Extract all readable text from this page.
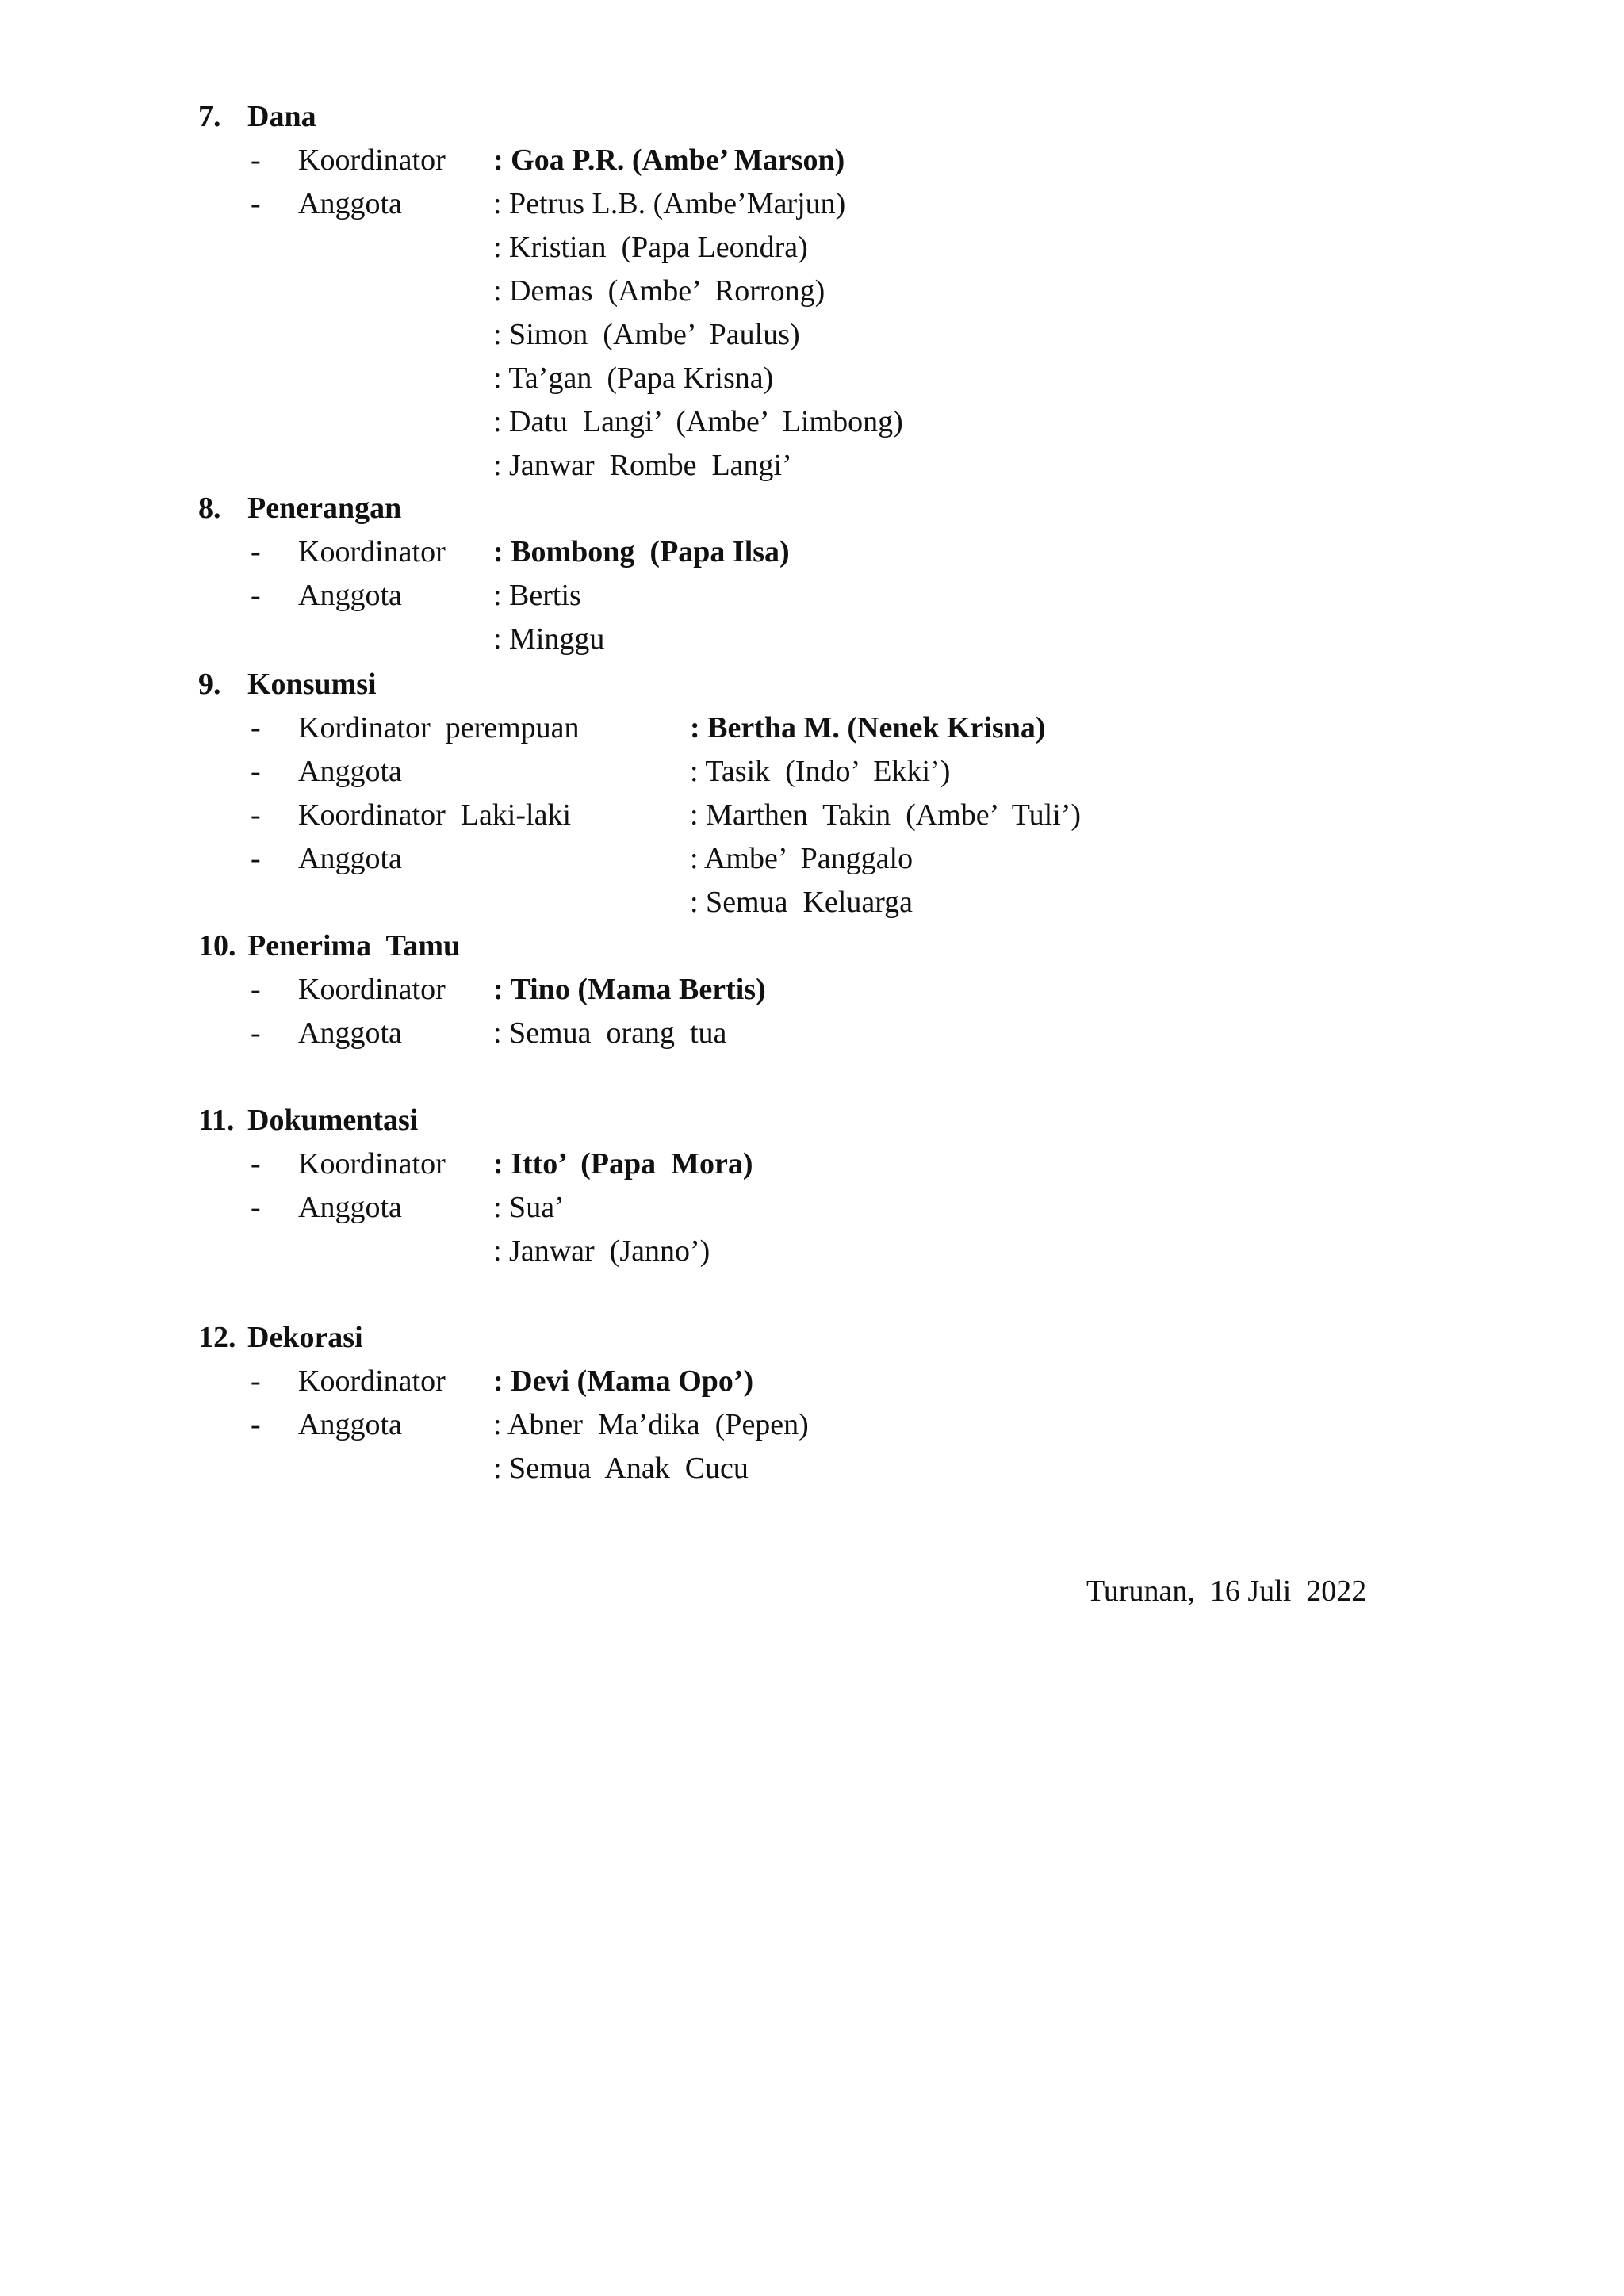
7. Dana
- Koordinator : Goa P.R. (Ambe’ Marson)
- Anggota	: Petrus L.B. (Ambe’Marjun)
: Kristian  (Papa Leondra)
: Demas  (Ambe’  Rorrong)
: Simon  (Ambe’  Paulus)
: Ta’gan  (Papa Krisna)
: Datu  Langi’  (Ambe’  Limbong)
: Janwar  Rombe  Langi’
8. Penerangan
- Koordinator : Bombong  (Papa Ilsa)
- Anggota	: Bertis
: Minggu
9. Konsumsi
- Kordinator  perempuan	: Bertha M. (Nenek Krisna)
- Anggota	: Tasik  (Indo’  Ekki’)
- Koordinator  Laki-laki	: Marthen  Takin  (Ambe’  Tuli’)
- Anggota	: Ambe’  Panggalo
: Semua  Keluarga
10. Penerima  Tamu
- Koordinator : Tino (Mama Bertis)
- Anggota	: Semua  orang  tua
11. Dokumentasi
- Koordinator : Itto’  (Papa  Mora)
- Anggota	: Sua’
: Janwar  (Janno’)
12. Dekorasi
- Koordinator : Devi (Mama Opo’)
- Anggota	: Abner  Ma’dika  (Pepen)
: Semua  Anak  Cucu
Turunan,  16 Juli  2022
